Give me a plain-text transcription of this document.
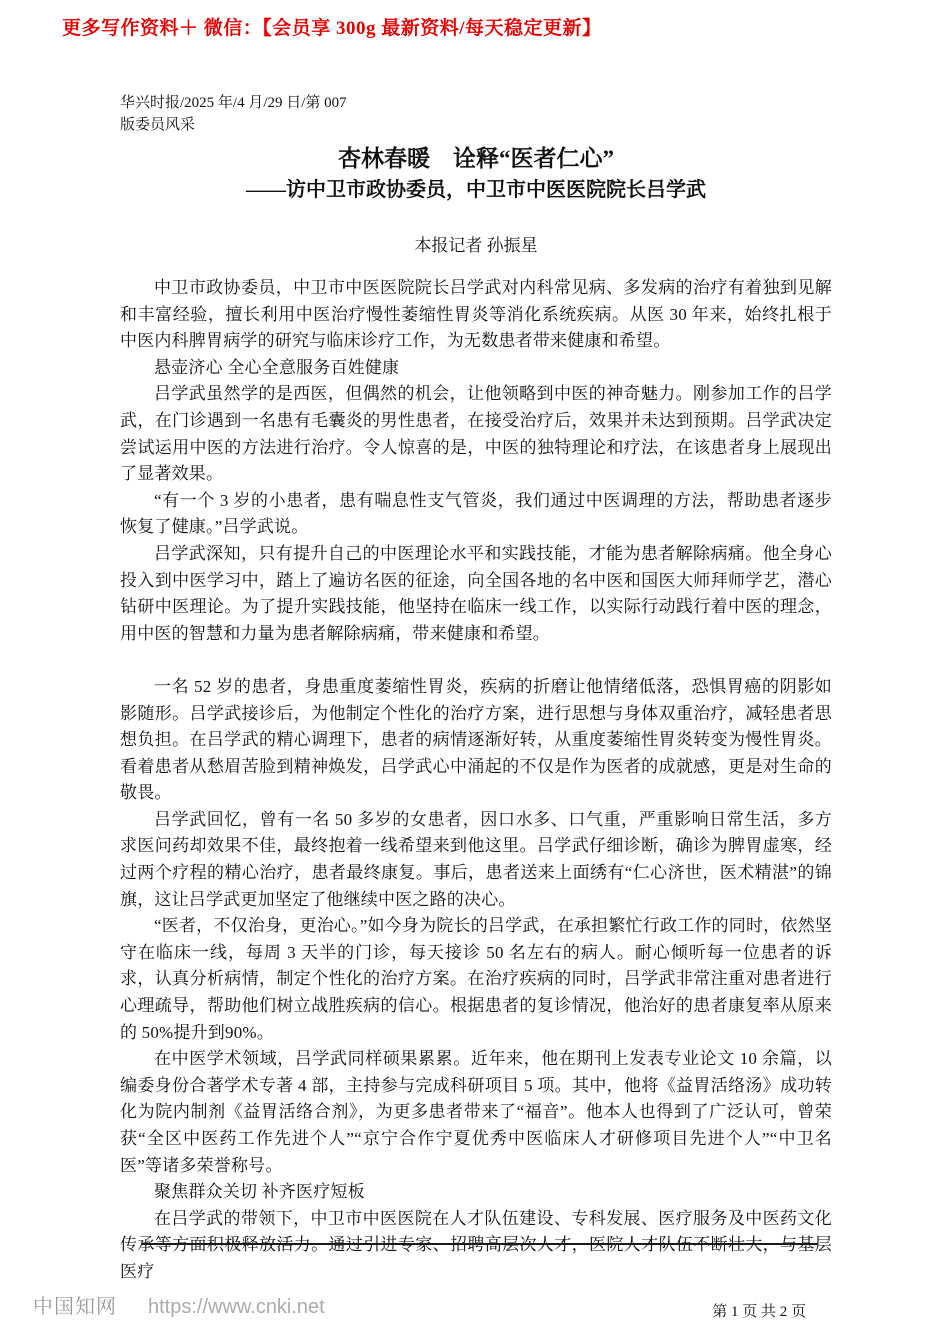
更多写作资料＋ 微信：【会员享 300g 最新资料/每天稳定更新】

华兴时报/2025 年/4 月/29 日/第 007

版委员风采

杏林春暖　诠释“医者仁心”
——访中卫市政协委员，中卫市中医医院院长吕学武

本报记者 孙振星

中卫市政协委员，中卫市中医医院院长吕学武对内科常见病、多发病的治疗有着独到见解和丰富经验，擅长利用中医治疗慢性萎缩性胃炎等消化系统疾病。从医 30 年来，始终扎根于中医内科脾胃病学的研究与临床诊疗工作，为无数患者带来健康和希望。

悬壶济心 全心全意服务百姓健康

吕学武虽然学的是西医，但偶然的机会，让他领略到中医的神奇魅力。刚参加工作的吕学武，在门诊遇到一名患有毛囊炎的男性患者，在接受治疗后，效果并未达到预期。吕学武决定尝试运用中医的方法进行治疗。令人惊喜的是，中医的独特理论和疗法，在该患者身上展现出了显著效果。

“有一个 3 岁的小患者，患有喘息性支气管炎，我们通过中医调理的方法，帮助患者逐步恢复了健康。”吕学武说。

吕学武深知，只有提升自己的中医理论水平和实践技能，才能为患者解除病痛。他全身心投入到中医学习中，踏上了遍访名医的征途，向全国各地的名中医和国医大师拜师学艺，潜心钻研中医理论。为了提升实践技能，他坚持在临床一线工作，以实际行动践行着中医的理念，用中医的智慧和力量为患者解除病痛，带来健康和希望。

一名 52 岁的患者，身患重度萎缩性胃炎，疾病的折磨让他情绪低落，恐惧胃癌的阴影如影随形。吕学武接诊后，为他制定个性化的治疗方案，进行思想与身体双重治疗，减轻患者思想负担。在吕学武的精心调理下，患者的病情逐渐好转，从重度萎缩性胃炎转变为慢性胃炎。看着患者从愁眉苦脸到精神焕发，吕学武心中涌起的不仅是作为医者的成就感，更是对生命的敬畏。

吕学武回忆，曾有一名 50 多岁的女患者，因口水多、口气重，严重影响日常生活，多方求医问药却效果不佳，最终抱着一线希望来到他这里。吕学武仔细诊断，确诊为脾胃虚寒，经过两个疗程的精心治疗，患者最终康复。事后，患者送来上面绣有“仁心济世，医术精湛”的锦旗，这让吕学武更加坚定了他继续中医之路的决心。

“医者，不仅治身，更治心。”如今身为院长的吕学武，在承担繁忙行政工作的同时，依然坚守在临床一线，每周 3 天半的门诊，每天接诊 50 名左右的病人。耐心倾听每一位患者的诉求，认真分析病情，制定个性化的治疗方案。在治疗疾病的同时，吕学武非常注重对患者进行心理疏导，帮助他们树立战胜疾病的信心。根据患者的复诊情况，他治好的患者康复率从原来的 50%提升到90%。

在中医学术领域，吕学武同样硕果累累。近年来，他在期刊上发表专业论文 10 余篇，以编委身份合著学术专著 4 部，主持参与完成科研项目 5 项。其中，他将《益胃活络汤》成功转化为院内制剂《益胃活络合剂》，为更多患者带来了“福音”。他本人也得到了广泛认可，曾荣获“全区中医药工作先进个人”“京宁合作宁夏优秀中医临床人才研修项目先进个人”“中卫名医”等诸多荣誉称号。

聚焦群众关切 补齐医疗短板

在吕学武的带领下，中卫市中医医院在人才队伍建设、专科发展、医疗服务及中医药文化传承等方面积极释放活力。通过引进专家、招聘高层次人才，医院人才队伍不断壮大，与基层医疗

第 1 页 共 2 页

中国知网 https://www.cnki.net
